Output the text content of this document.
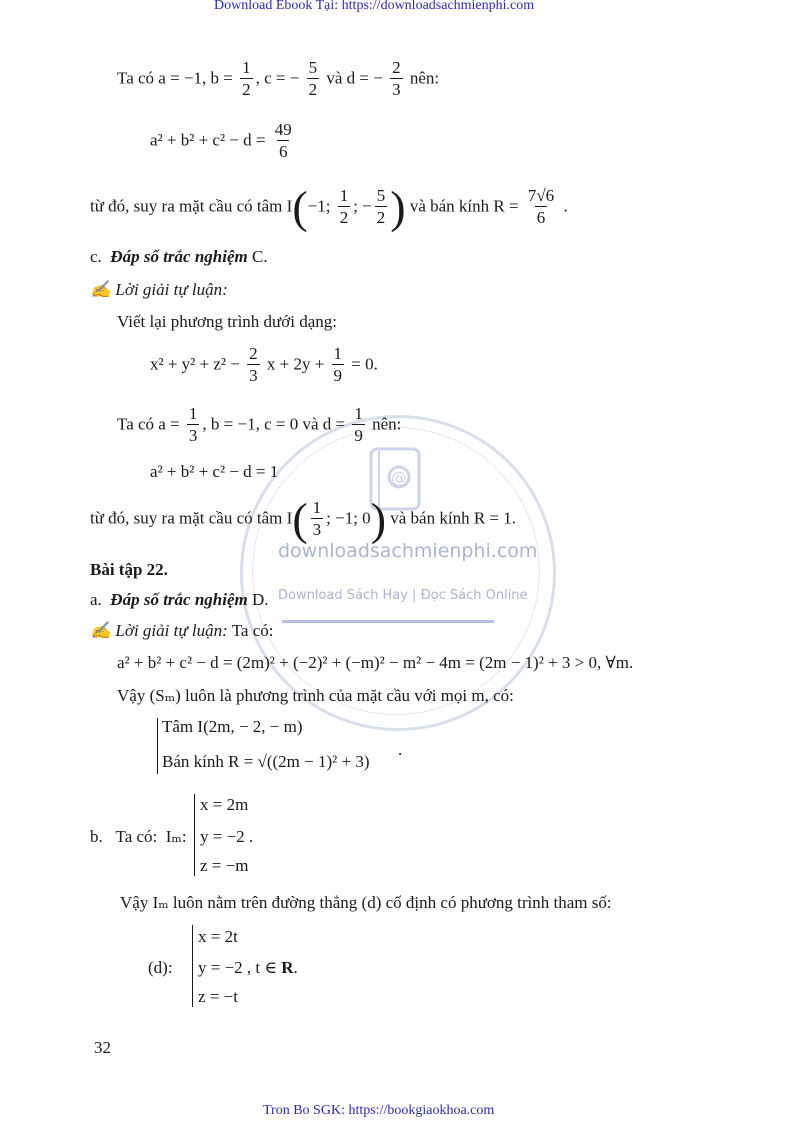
Download Ebook Tại: https://downloadsachmienphi.com
@
downloadsachmienphi.com
Download Sách Hay | Đọc Sách Online
Ta có a = −1, $b = \frac{1}{2}$ , c = − $\frac{5}{2}$ và d = − $\frac{2}{3}$ nên:
$a^2 + b^2 + c^2 - d = \frac{49}{6}$
từ đó, suy ra mặt cầu có tâm I(−1; $\frac{1}{2}$ ; − $\frac{5}{2}$ ) và bán kính $R = \frac{7√6}{6}$ .
c. Đáp số trắc nghiệm C.
✍ Lời giải tự luận:
Viết lại phương trình dưới dạng:
$x^2 + y^2 + z^2 - \frac{2}{3}$ $x + 2y + \frac{1}{9} = 0$.
Ta có $a = \frac{1}{3}$ , b = −1, c = 0 và $d = \frac{1}{9}$ nên:
a² + b² + c² − d = 1
từ đó, suy ra mặt cầu có tâm $I( \frac{1}{3}$ ; −1; 0) và bán kính R = 1.
Bài tập 22.
a. Đáp số trắc nghiệm D.
✍ Lời giải tự luận: Ta có:
a² + b² + c² − d = (2m)² + (−2)² + (−m)² − m² − 4m = (2m − 1)² + 3 > 0, ∀m.
Vậy (Sₘ) luôn là phương trình của mặt cầu với mọi m, có:
Tâm I(2m, − 2, − m)
Bán kính R = √((2m − 1)² + 3)
.
b. Ta có: Iₘ:
x = 2m
y = −2 .
z = −m
Vậy Iₘ luôn nằm trên đường thẳng (d) cố định có phương trình tham số:
(d):
x = 2t
y = −2 , t ∈ R.
z = −t
32
Tron Bo SGK: https://bookgiaokhoa.com
